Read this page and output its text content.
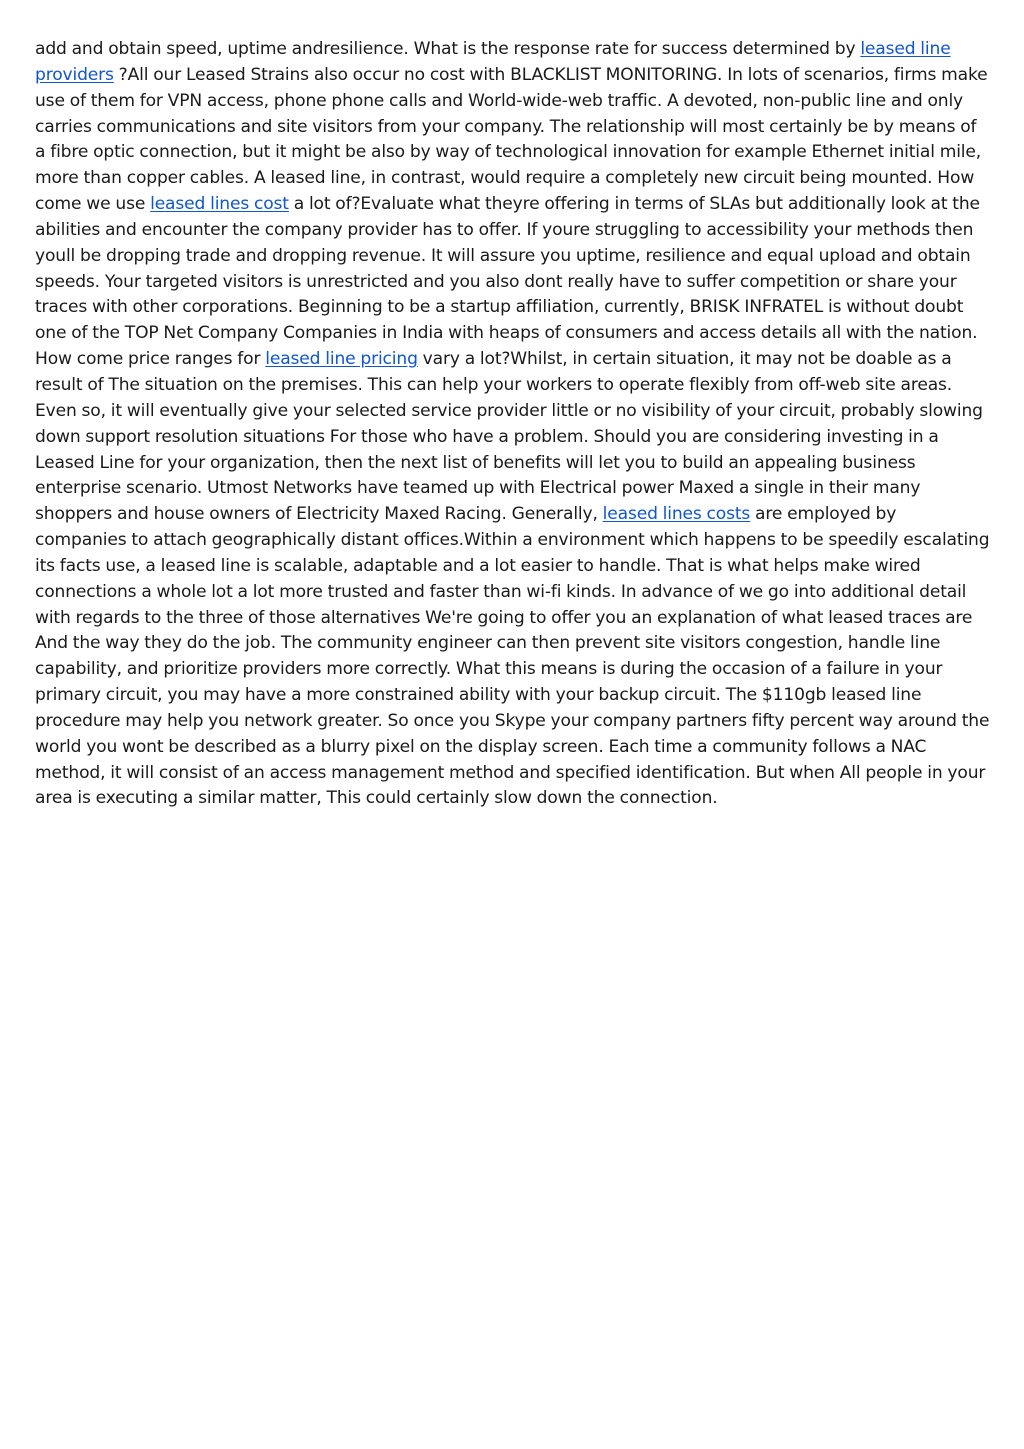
add and obtain speed, uptime andresilience. What is the response rate for success determined by leased line providers ?All our Leased Strains also occur no cost with BLACKLIST MONITORING. In lots of scenarios, firms make use of them for VPN access, phone phone calls and World-wide-web traffic. A devoted, non-public line and only carries communications and site visitors from your company. The relationship will most certainly be by means of a fibre optic connection, but it might be also by way of technological innovation for example Ethernet initial mile, more than copper cables. A leased line, in contrast, would require a completely new circuit being mounted. How come we use leased lines cost a lot of?Evaluate what theyre offering in terms of SLAs but additionally look at the abilities and encounter the company provider has to offer. If youre struggling to accessibility your methods then youll be dropping trade and dropping revenue. It will assure you uptime, resilience and equal upload and obtain speeds. Your targeted visitors is unrestricted and you also dont really have to suffer competition or share your traces with other corporations. Beginning to be a startup affiliation, currently, BRISK INFRATEL is without doubt one of the TOP Net Company Companies in India with heaps of consumers and access details all with the nation. How come price ranges for leased line pricing vary a lot?Whilst, in certain situation, it may not be doable as a result of The situation on the premises. This can help your workers to operate flexibly from off-web site areas. Even so, it will eventually give your selected service provider little or no visibility of your circuit, probably slowing down support resolution situations For those who have a problem. Should you are considering investing in a Leased Line for your organization, then the next list of benefits will let you to build an appealing business enterprise scenario. Utmost Networks have teamed up with Electrical power Maxed a single in their many shoppers and house owners of Electricity Maxed Racing. Generally, leased lines costs are employed by companies to attach geographically distant offices.Within a environment which happens to be speedily escalating its facts use, a leased line is scalable, adaptable and a lot easier to handle. That is what helps make wired connections a whole lot a lot more trusted and faster than wi-fi kinds. In advance of we go into additional detail with regards to the three of those alternatives We're going to offer you an explanation of what leased traces are And the way they do the job. The community engineer can then prevent site visitors congestion, handle line capability, and prioritize providers more correctly. What this means is during the occasion of a failure in your primary circuit, you may have a more constrained ability with your backup circuit. The $110gb leased line procedure may help you network greater. So once you Skype your company partners fifty percent way around the world you wont be described as a blurry pixel on the display screen. Each time a community follows a NAC method, it will consist of an access management method and specified identification. But when All people in your area is executing a similar matter, This could certainly slow down the connection.
